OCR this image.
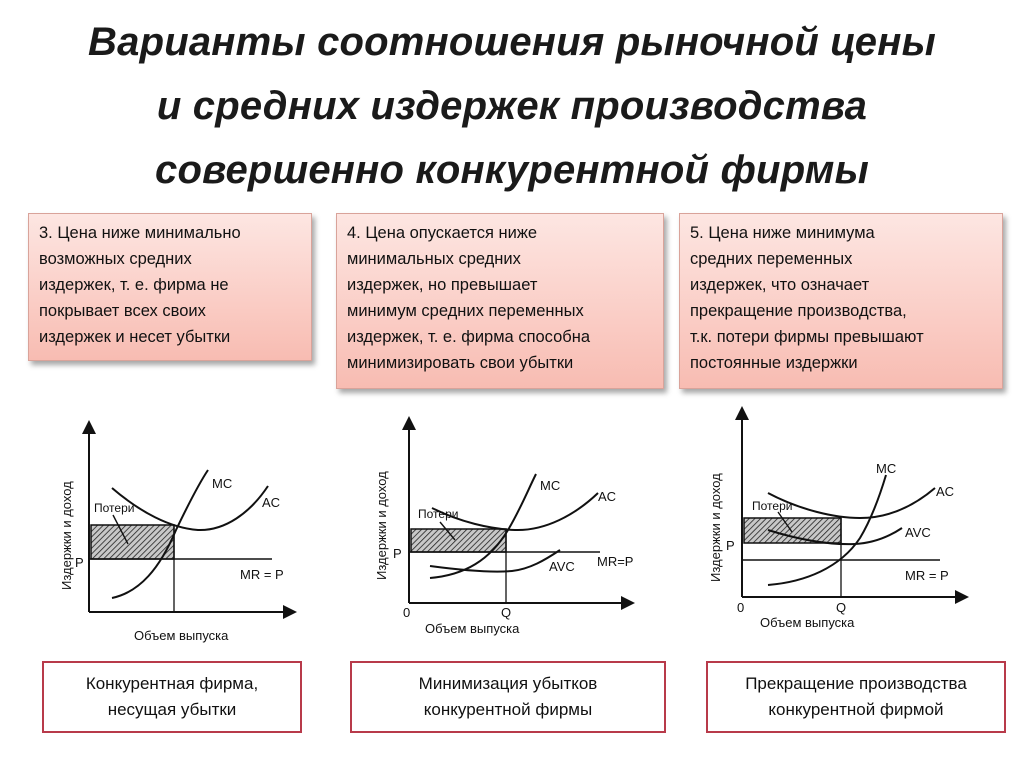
Варианты соотношения рыночной цены
и средних издержек производства
совершенно конкурентной фирмы
3. Цена ниже минимально
возможных средних
издержек, т. е. фирма не
покрывает всех своих
издержек и несет убытки
4. Цена опускается ниже
минимальных средних
издержек, но превышает
минимум средних переменных
издержек, т. е. фирма способна
минимизировать свои убытки
5. Цена ниже минимума
средних переменных
издержек, что означает
прекращение производства,
т.к. потери фирмы превышают
постоянные издержки
Издержки и доход
Объем выпуска
P
Потери
MC
AC
MR = P	Издержки и доход
Объем выпуска
0	Q
P
Потери
MC
AC
AVC MR=P	Издержки и доход
Объем выпуска
0	Q
P
Потери
MC
AC
AVC
MR = P
Конкурентная фирма,
несущая убытки
Минимизация убытков
конкурентной фирмы
Прекращение производства
конкурентной фирмой
